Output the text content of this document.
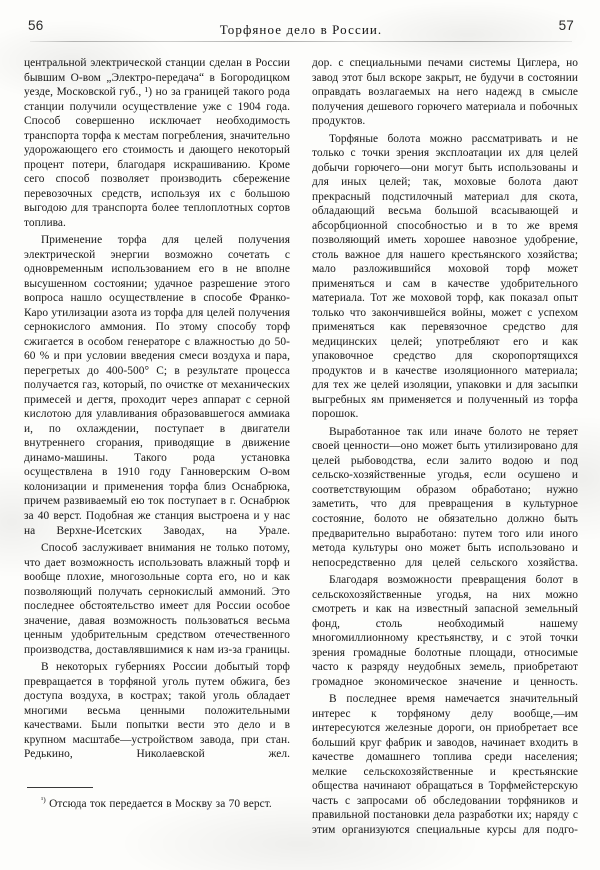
56	Торфяное дело в России.	57

центральной электрической станции сделан в России бывшим О-вом „Электро-передача“ в Богородицком уезде, Московской губ., ¹) но за границей такого рода станции получили осуществление уже с 1904 года. Способ совершенно исключает необходимость транспорта торфа к местам погребления, значительно удорожающего его стоимость и дающего некоторый процент потери, благодаря искрашиванию. Кроме сего способ позволяет производить сбережение перевозочных средств, используя их с большою выгодою для транспорта более теплоплотных сортов топлива.

Применение торфа для целей получения электрической энергии возможно сочетать с одновременным использованием его в не вполне высушенном состоянии; удачное разрешение этого вопроса нашло осуществление в способе Франко-Каро утилизации азота из торфа для целей получения сернокислого аммония. По этому способу торф сжигается в особом генераторе с влажностью до 50-60 % и при условии введения смеси воздуха и пара, перегретых до 400-500° С; в результате процесса получается газ, который, по очистке от механических примесей и дегтя, проходит через аппарат с серной кислотою для улавливания образовавшегося аммиака и, по охлаждении, поступает в двигатели внутреннего сгорания, приводящие в движение динамо-машины. Такого рода установка осуществлена в 1910 году Ганноверским О-вом колонизации и применения торфа близ Оснабрюка, причем развиваемый ею ток поступает в г. Оснабрюк за 40 верст. Подобная же станция выстроена и у нас на Верхне-Исетских Заводах, на Урале.

Способ заслуживает внимания не только потому, что дает возможность использовать влажный торф и вообще плохие, многозольные сорта его, но и как позволяющий получать сернокислый аммоний. Это последнее обстоятельство имеет для России особое значение, давая возможность пользоваться весьма ценным удобрительным средством отечественного производства, доставлявшимися к нам из-за границы.

В некоторых губерниях России добытый торф превращается в торфяной уголь путем обжига, без доступа воздуха, в кострах; такой уголь обладает многими весьма ценными положительными качествами. Были попытки вести это дело и в крупном масштабе—устройством завода, при стан. Редькино, Николаевской жел.

$^{^1)}$ Отсюда ток передается в Москву за 70 верст.

дор. с специальными печами системы Циглера, но завод этот был вскоре закрыт, не будучи в состоянии оправдать возлагаемых на него надежд в смысле получения дешевого горючего материала и побочных продуктов.

Торфяные болота можно рассматривать и не только с точки зрения эксплоатации их для целей добычи горючего—они могут быть использованы и для иных целей; так, моховые болота дают прекрасный подстилочный материал для скота, обладающий весьма большой всасывающей и абсорбционной способностью и в то же время позволяющий иметь хорошее навозное удобрение, столь важное для нашего крестьянского хозяйства; мало разложившийся моховой торф может применяться и сам в качестве удобрительного материала. Тот же моховой торф, как показал опыт только что закончившейся войны, может с успехом применяться как перевязочное средство для медицинских целей; употребляют его и как упаковочное средство для скоропортящихся продуктов и в качестве изоляционного материала; для тех же целей изоляции, упаковки и для засыпки выгребных ям применяется и полученный из торфа порошок.

Выработанное так или иначе болото не теряет своей ценности—оно может быть утилизировано для целей рыбоводства, если залито водою и под сельско-хозяйственные угодья, если осушено и соответствующим образом обработано; нужно заметить, что для превращения в культурное состояние, болото не обязательно должно быть предварительно выработано: путем того или иного метода культуры оно может быть использовано и непосредственно для целей сельского хозяйства.

Благодаря возможности превращения болот в сельскохозяйственные угодья, на них можно смотреть и как на известный запасной земельный фонд, столь необходимый нашему многомиллионному крестьянству, и с этой точки зрения громадные болотные площади, относимые часто к разряду неудобных земель, приобретают громадное экономическое значение и ценность.

В последнее время намечается значительный интерес к торфяному делу вообще,—им интересуются железные дороги, он приобретает все больший круг фабрик и заводов, начинает входить в качестве домашнего топлива среди населения; мелкие сельскохозяйственные и крестьянские общества начинают обращаться в Торфмейстерскую часть с запросами об обследовании торфяников и правильной постановки дела разработки их; наряду с этим организуются специальные курсы для подго-
